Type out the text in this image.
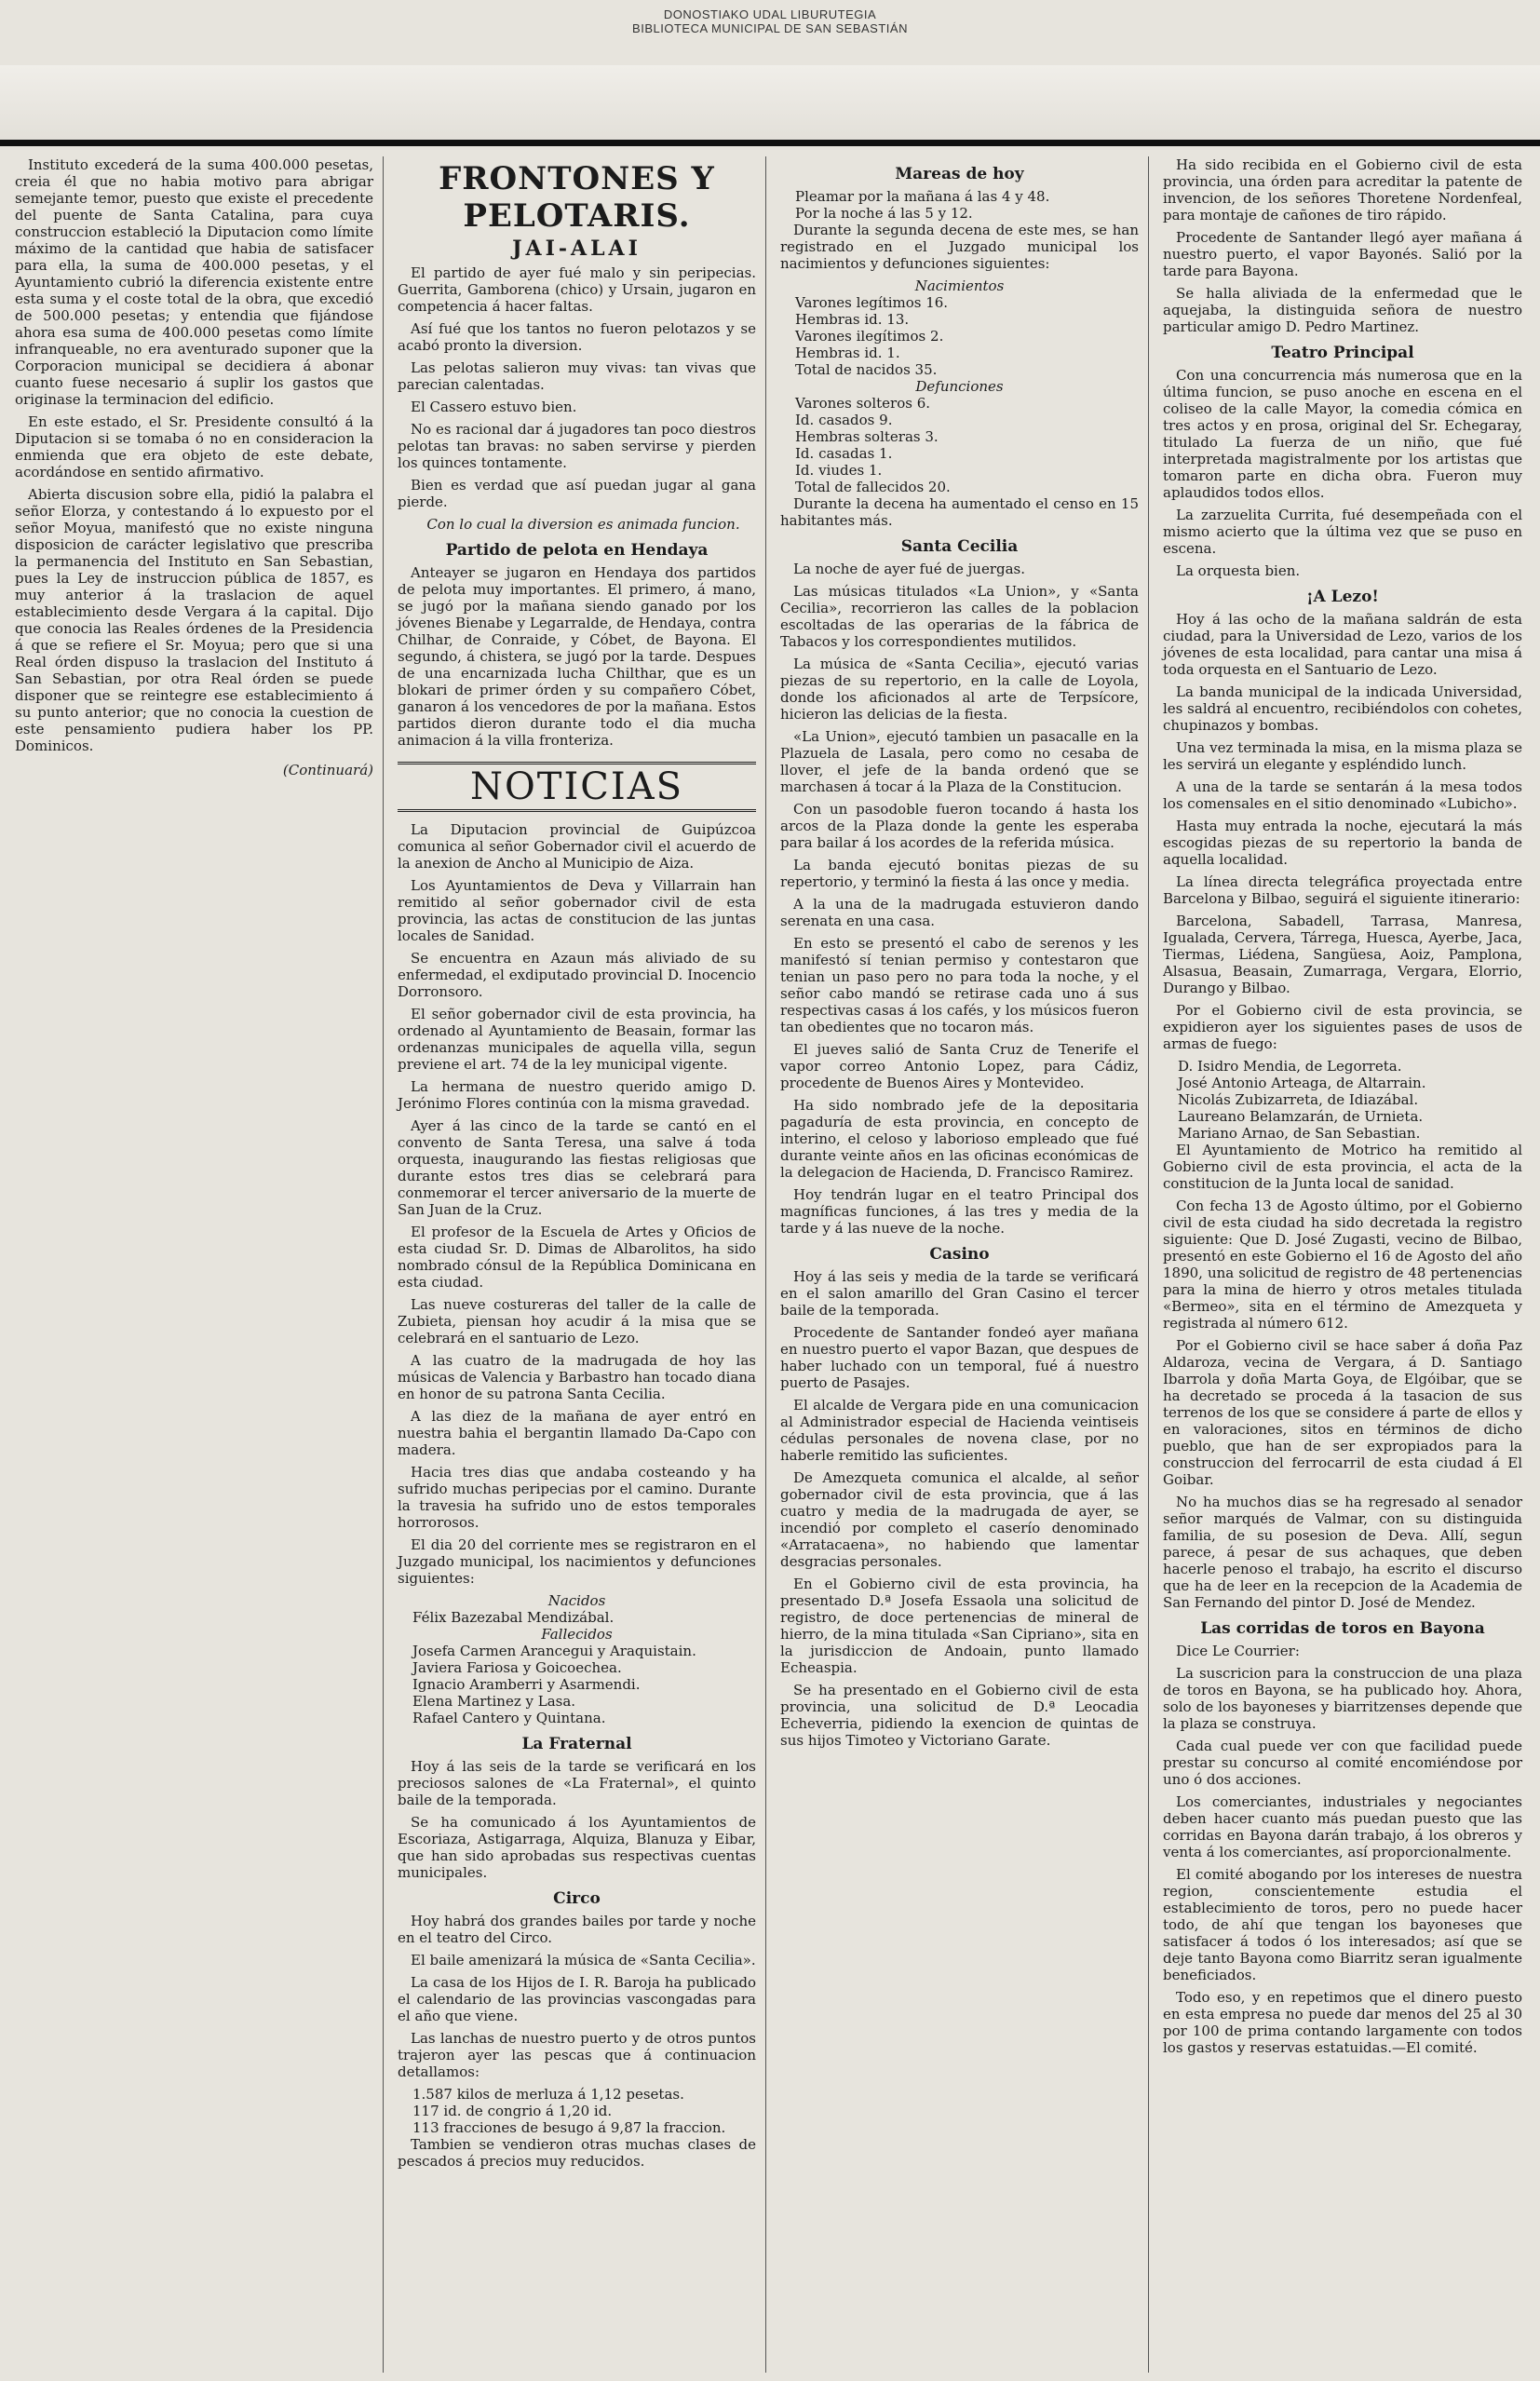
DONOSTIAKO UDAL LIBURUTEGIA
BIBLIOTECA MUNICIPAL DE SAN SEBASTIÁN

Instituto excederá de la suma 400.000 pesetas, creia él que no habia motivo para abrigar semejante temor, puesto que existe el precedente del puente de Santa Catalina, para cuya construccion estableció la Diputacion como límite máximo de la cantidad que habia de satisfacer para ella, la suma de 400.000 pesetas, y el Ayuntamiento cubrió la diferencia existente entre esta suma y el coste total de la obra, que excedió de 500.000 pesetas; y entendia que fijándose ahora esa suma de 400.000 pesetas como límite infranqueable, no era aventurado suponer que la Corporacion municipal se decidiera á abonar cuanto fuese necesario á suplir los gastos que originase la terminacion del edificio.

En este estado, el Sr. Presidente consultó á la Diputacion si se tomaba ó no en consideracion la enmienda que era objeto de este debate, acordándose en sentido afirmativo.

Abierta discusion sobre ella, pidió la palabra el señor Elorza, y contestando á lo expuesto por el señor Moyua, manifestó que no existe ninguna disposicion de carácter legislativo que prescriba la permanencia del Instituto en San Sebastian, pues la Ley de instruccion pública de 1857, es muy anterior á la traslacion de aquel establecimiento desde Vergara á la capital. Dijo que conocia las Reales órdenes de la Presidencia á que se refiere el Sr. Moyua; pero que si una Real órden dispuso la traslacion del Instituto á San Sebastian, por otra Real órden se puede disponer que se reintegre ese establecimiento á su punto anterior; que no conocia la cuestion de este pensamiento pudiera haber los PP. Dominicos.

(Continuará)
FRONTONES Y PELOTARIS.
JAI-ALAI

El partido de ayer fué malo y sin peripecias. Guerrita, Gamborena (chico) y Ursain, jugaron en competencia á hacer faltas.

Así fué que los tantos no fueron pelotazos y se acabó pronto la diversion.

Las pelotas salieron muy vivas: tan vivas que parecian calentadas.

El Cassero estuvo bien.

No es racional dar á jugadores tan poco diestros pelotas tan bravas: no saben servirse y pierden los quinces tontamente.

Bien es verdad que así puedan jugar al gana pierde.

Con lo cual la diversion es animada funcion.

Partido de pelota en Hendaya

Anteayer se jugaron en Hendaya dos partidos de pelota muy importantes. El primero, á mano, se jugó por la mañana siendo ganado por los jóvenes Bienabe y Legarralde, de Hendaya, contra Chilhar, de Conraide, y Cóbet, de Bayona. El segundo, á chistera, se jugó por la tarde. Despues de una encarnizada lucha Chilthar, que es un blokari de primer órden y su compañero Cóbet, ganaron á los vencedores de por la mañana. Estos partidos dieron durante todo el dia mucha animacion á la villa fronteriza.

NOTICIAS

La Diputacion provincial de Guipúzcoa comunica al señor Gobernador civil el acuerdo de la anexion de Ancho al Municipio de Aiza.

Los Ayuntamientos de Deva y Villarrain han remitido al señor gobernador civil de esta provincia, las actas de constitucion de las juntas locales de Sanidad.

Se encuentra en Azaun más aliviado de su enfermedad, el exdiputado provincial D. Inocencio Dorronsoro.

El señor gobernador civil de esta provincia, ha ordenado al Ayuntamiento de Beasain, formar las ordenanzas municipales de aquella villa, segun previene el art. 74 de la ley municipal vigente.

La hermana de nuestro querido amigo D. Jerónimo Flores continúa con la misma gravedad.

Ayer á las cinco de la tarde se cantó en el convento de Santa Teresa, una salve á toda orquesta, inaugurando las fiestas religiosas que durante estos tres dias se celebrará para conmemorar el tercer aniversario de la muerte de San Juan de la Cruz.

El profesor de la Escuela de Artes y Oficios de esta ciudad Sr. D. Dimas de Albarolitos, ha sido nombrado cónsul de la República Dominicana en esta ciudad.

Las nueve costureras del taller de la calle de Zubieta, piensan hoy acudir á la misa que se celebrará en el santuario de Lezo.

A las cuatro de la madrugada de hoy las músicas de Valencia y Barbastro han tocado diana en honor de su patrona Santa Cecilia.

A las diez de la mañana de ayer entró en nuestra bahia el bergantin llamado Da-Capo con madera.

Hacia tres dias que andaba costeando y ha sufrido muchas peripecias por el camino. Durante la travesia ha sufrido uno de estos temporales horrorosos.

El dia 20 del corriente mes se registraron en el Juzgado municipal, los nacimientos y defunciones siguientes:

Nacidos

Félix Bazezabal Mendizábal.

Fallecidos

Josefa Carmen Arancegui y Araquistain.

Javiera Fariosa y Goicoechea.

Ignacio Aramberri y Asarmendi.

Elena Martinez y Lasa.

Rafael Cantero y Quintana.

La Fraternal

Hoy á las seis de la tarde se verificará en los preciosos salones de «La Fraternal», el quinto baile de la temporada.

Se ha comunicado á los Ayuntamientos de Escoriaza, Astigarraga, Alquiza, Blanuza y Eibar, que han sido aprobadas sus respectivas cuentas municipales.

Circo

Hoy habrá dos grandes bailes por tarde y noche en el teatro del Circo.

El baile amenizará la música de «Santa Cecilia».

La casa de los Hijos de I. R. Baroja ha publicado el calendario de las provincias vascongadas para el año que viene.

Las lanchas de nuestro puerto y de otros puntos trajeron ayer las pescas que á continuacion detallamos:

1.587 kilos de merluza á 1,12 pesetas.

117 id. de congrio á 1,20 id.

113 fracciones de besugo á 9,87 la fraccion.

Tambien se vendieron otras muchas clases de pescados á precios muy reducidos.

Mareas de hoy

Pleamar por la mañana á las 4 y 48.

Por la noche á las 5 y 12.

Durante la segunda decena de este mes, se han registrado en el Juzgado municipal los nacimientos y defunciones siguientes:

Nacimientos

Varones legítimos 16.

Hembras id. 13.

Varones ilegítimos 2.

Hembras id. 1.

Total de nacidos 35.

Defunciones

Varones solteros 6.

Id. casados 9.

Hembras solteras 3.

Id. casadas 1.

Id. viudes 1.

Total de fallecidos 20.

Durante la decena ha aumentado el censo en 15 habitantes más.

Santa Cecilia

La noche de ayer fué de juergas.

Las músicas titulados «La Union», y «Santa Cecilia», recorrieron las calles de la poblacion escoltadas de las operarias de la fábrica de Tabacos y los correspondientes mutilidos.

La música de «Santa Cecilia», ejecutó varias piezas de su repertorio, en la calle de Loyola, donde los aficionados al arte de Terpsícore, hicieron las delicias de la fiesta.

«La Union», ejecutó tambien un pasacalle en la Plazuela de Lasala, pero como no cesaba de llover, el jefe de la banda ordenó que se marchasen á tocar á la Plaza de la Constitucion.

Con un pasodoble fueron tocando á hasta los arcos de la Plaza donde la gente les esperaba para bailar á los acordes de la referida música.

La banda ejecutó bonitas piezas de su repertorio, y terminó la fiesta á las once y media.

A la una de la madrugada estuvieron dando serenata en una casa.

En esto se presentó el cabo de serenos y les manifestó sí tenian permiso y contestaron que tenian un paso pero no para toda la noche, y el señor cabo mandó se retirase cada uno á sus respectivas casas á los cafés, y los músicos fueron tan obedientes que no tocaron más.

El jueves salió de Santa Cruz de Tenerife el vapor correo Antonio Lopez, para Cádiz, procedente de Buenos Aires y Montevideo.

Ha sido nombrado jefe de la depositaria pagaduría de esta provincia, en concepto de interino, el celoso y laborioso empleado que fué durante veinte años en las oficinas económicas de la delegacion de Hacienda, D. Francisco Ramirez.

Hoy tendrán lugar en el teatro Principal dos magníficas funciones, á las tres y media de la tarde y á las nueve de la noche.

Casino

Hoy á las seis y media de la tarde se verificará en el salon amarillo del Gran Casino el tercer baile de la temporada.

Procedente de Santander fondeó ayer mañana en nuestro puerto el vapor Bazan, que despues de haber luchado con un temporal, fué á nuestro puerto de Pasajes.

El alcalde de Vergara pide en una comunicacion al Administrador especial de Hacienda veintiseis cédulas personales de novena clase, por no haberle remitido las suficientes.

De Amezqueta comunica el alcalde, al señor gobernador civil de esta provincia, que á las cuatro y media de la madrugada de ayer, se incendió por completo el caserío denominado «Arratacaena», no habiendo que lamentar desgracias personales.

En el Gobierno civil de esta provincia, ha presentado D.ª Josefa Essaola una solicitud de registro, de doce pertenencias de mineral de hierro, de la mina titulada «San Cipriano», sita en la jurisdiccion de Andoain, punto llamado Echeaspia.

Se ha presentado en el Gobierno civil de esta provincia, una solicitud de D.ª Leocadia Echeverria, pidiendo la exencion de quintas de sus hijos Timoteo y Victoriano Garate.

Ha sido recibida en el Gobierno civil de esta provincia, una órden para acreditar la patente de invencion, de los señores Thoretene Nordenfeal, para montaje de cañones de tiro rápido.

Procedente de Santander llegó ayer mañana á nuestro puerto, el vapor Bayonés. Salió por la tarde para Bayona.

Se halla aliviada de la enfermedad que le aquejaba, la distinguida señora de nuestro particular amigo D. Pedro Martinez.

Teatro Principal

Con una concurrencia más numerosa que en la última funcion, se puso anoche en escena en el coliseo de la calle Mayor, la comedia cómica en tres actos y en prosa, original del Sr. Echegaray, titulado La fuerza de un niño, que fué interpretada magistralmente por los artistas que tomaron parte en dicha obra. Fueron muy aplaudidos todos ellos.

La zarzuelita Currita, fué desempeñada con el mismo acierto que la última vez que se puso en escena.

La orquesta bien.

¡A Lezo!

Hoy á las ocho de la mañana saldrán de esta ciudad, para la Universidad de Lezo, varios de los jóvenes de esta localidad, para cantar una misa á toda orquesta en el Santuario de Lezo.

La banda municipal de la indicada Universidad, les saldrá al encuentro, recibiéndolos con cohetes, chupinazos y bombas.

Una vez terminada la misa, en la misma plaza se les servirá un elegante y espléndido lunch.

A una de la tarde se sentarán á la mesa todos los comensales en el sitio denominado «Lubicho».

Hasta muy entrada la noche, ejecutará la más escogidas piezas de su repertorio la banda de aquella localidad.

La línea directa telegráfica proyectada entre Barcelona y Bilbao, seguirá el siguiente itinerario:

Barcelona, Sabadell, Tarrasa, Manresa, Igualada, Cervera, Tárrega, Huesca, Ayerbe, Jaca, Tiermas, Liédena, Sangüesa, Aoiz, Pamplona, Alsasua, Beasain, Zumarraga, Vergara, Elorrio, Durango y Bilbao.

Por el Gobierno civil de esta provincia, se expidieron ayer los siguientes pases de usos de armas de fuego:

D. Isidro Mendia, de Legorreta.

José Antonio Arteaga, de Altarrain.

Nicolás Zubizarreta, de Idiazábal.

Laureano Belamzarán, de Urnieta.

Mariano Arnao, de San Sebastian.

El Ayuntamiento de Motrico ha remitido al Gobierno civil de esta provincia, el acta de la constitucion de la Junta local de sanidad.

Con fecha 13 de Agosto último, por el Gobierno civil de esta ciudad ha sido decretada la registro siguiente: Que D. José Zugasti, vecino de Bilbao, presentó en este Gobierno el 16 de Agosto del año 1890, una solicitud de registro de 48 pertenencias para la mina de hierro y otros metales titulada «Bermeo», sita en el término de Amezqueta y registrada al número 612.

Por el Gobierno civil se hace saber á doña Paz Aldaroza, vecina de Vergara, á D. Santiago Ibarrola y doña Marta Goya, de Elgóibar, que se ha decretado se proceda á la tasacion de sus terrenos de los que se considere á parte de ellos y en valoraciones, sitos en términos de dicho pueblo, que han de ser expropiados para la construccion del ferrocarril de esta ciudad á El Goibar.

No ha muchos dias se ha regresado al senador señor marqués de Valmar, con su distinguida familia, de su posesion de Deva. Allí, segun parece, á pesar de sus achaques, que deben hacerle penoso el trabajo, ha escrito el discurso que ha de leer en la recepcion de la Academia de San Fernando del pintor D. José de Mendez.

Las corridas de toros en Bayona

Dice Le Courrier:

La suscricion para la construccion de una plaza de toros en Bayona, se ha publicado hoy. Ahora, solo de los bayoneses y biarritzenses depende que la plaza se construya.

Cada cual puede ver con que facilidad puede prestar su concurso al comité encomiéndose por uno ó dos acciones.

Los comerciantes, industriales y negociantes deben hacer cuanto más puedan puesto que las corridas en Bayona darán trabajo, á los obreros y venta á los comerciantes, así proporcionalmente.

El comité abogando por los intereses de nuestra region, conscientemente estudia el establecimiento de toros, pero no puede hacer todo, de ahí que tengan los bayoneses que satisfacer á todos ó los interesados; así que se deje tanto Bayona como Biarritz seran igualmente beneficiados.

Todo eso, y en repetimos que el dinero puesto en esta empresa no puede dar menos del 25 al 30 por 100 de prima contando largamente con todos los gastos y reservas estatuidas.—El comité.
